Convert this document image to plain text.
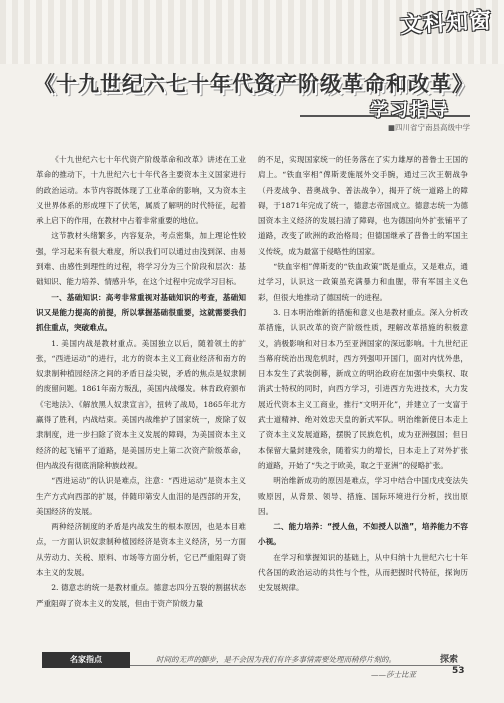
文科知窗
《十九世纪六七十年代资产阶级革命和改革》
学习指导
■四川省宁南县高级中学

《十九世纪六七十年代资产阶级革命和改革》讲述在工业革命的推动下，十九世纪六七十年代各主要资本主义国家进行的政治运动。本节内容既体现了工业革命的影响，又为资本主义世界体系的形成埋下了伏笔，属质了解明的时代特征，起着承上启下的作用，在教材中占着非常重要的地位。

这节教材头绪繁多，内容复杂，考点密集，加上理论性较强，学习起来有很大难度，所以我们可以通过由浅到深、由易到难、由感性到理性的过程，将学习分为三个阶段和层次：基础知识、能力培养、情感升华，在这个过程中完成学习目标。

一、基础知识：高考非常重视对基础知识的考查，基础知识又是能力提高的前提，所以掌握基础很重要，这就需要我们抓住重点，突破难点。

1. 美国内战是教材重点。美国独立以后，随着领土的扩张，“西进运动”的进行，北方的资本主义工商业经济和南方的奴隶制种植园经济之间的矛盾日益尖锐，矛盾的焦点是奴隶制的废留问题。1861年南方叛乱，美国内战爆发。林肯政府颁布《宅地法》、《解放黑人奴隶宣言》，扭转了战局，1865年北方赢得了胜利，内战结束。美国内战维护了国家统一，废除了奴隶制度，进一步扫除了资本主义发展的障碍，为美国资本主义经济的起飞铺平了道路，是美国历史上第二次资产阶级革命，但内战没有彻底消除种族歧视。

“西进运动”的认识是难点，注意：“西进运动”是资本主义生产方式向西部的扩展，伴随印第安人血泪的是西部的开发，美国经济的发展。

两种经济制度的矛盾是内战发生的根本原因，也是本目难点，一方面认识奴隶制种植园经济是资本主义经济，另一方面从劳动力、关税、原料、市场等方面分析，它已严重阻碍了资本主义的发展。

2. 德意志的统一是教材重点。德意志四分五裂的割据状态严重阻碍了资本主义的发展，但由于资产阶级力量

的不足，实现国家统一的任务落在了实力雄厚的普鲁士王国的肩上。“铁血宰相”俾斯麦施展外交手腕，通过三次王朝战争（丹麦战争、普奥战争、普法战争），揭开了统一道路上的障碍，于1871年完成了统一，德意志帝国成立。德意志统一为德国资本主义经济的发展扫清了障碍，也为德国向外扩张铺平了道路，改变了欧洲的政治格局；但德国继承了普鲁士的军国主义传统，成为最富于侵略性的国家。

“铁血宰相”俾斯麦的“铁血政策”既是重点，又是难点，通过学习，认识这一政策虽充满暴力和血腥，带有军国主义色彩，但很大地推动了德国统一的进程。

3. 日本明治维新的措施和意义也是教材重点。深入分析改革措施，认识改革的资产阶级性质，理解改革措施的积极意义，消极影响和对日本乃至亚洲国家的深远影响。十九世纪正当幕府统治出现危机时，西方列强叩开国门，面对内忧外患，日本发生了武装倒幕，新成立的明治政府在加强中央集权、取消武士特权的同时，向西方学习，引进西方先进技术，大力发展近代资本主义工商业，推行“文明开化”，并建立了一支富于武士道精神、绝对效忠天皇的新式军队。明治维新使日本走上了资本主义发展道路，摆脱了民族危机，成为亚洲强国；但日本保留大量封建残余，随着实力的增长，日本走上了对外扩张的道路，开始了“失之于欧美，取之于亚洲”的侵略扩张。

明治维新成功的原因是难点，学习中结合中国戊戌变法失败原因，从背景、领导、措施、国际环境进行分析，找出原因。

二、能力培养：“授人鱼，不如授人以渔”，培养能力不容小视。

在学习和掌握知识的基础上，从中归纳十九世纪六七十年代各国的政治运动的共性与个性，从而把握时代特征，探询历史发展规律。

名家指点	时间的无声的脚步，是不会因为我们有许多事情需要处理而稍停片刻的。
——莎士比亚
探索
53
